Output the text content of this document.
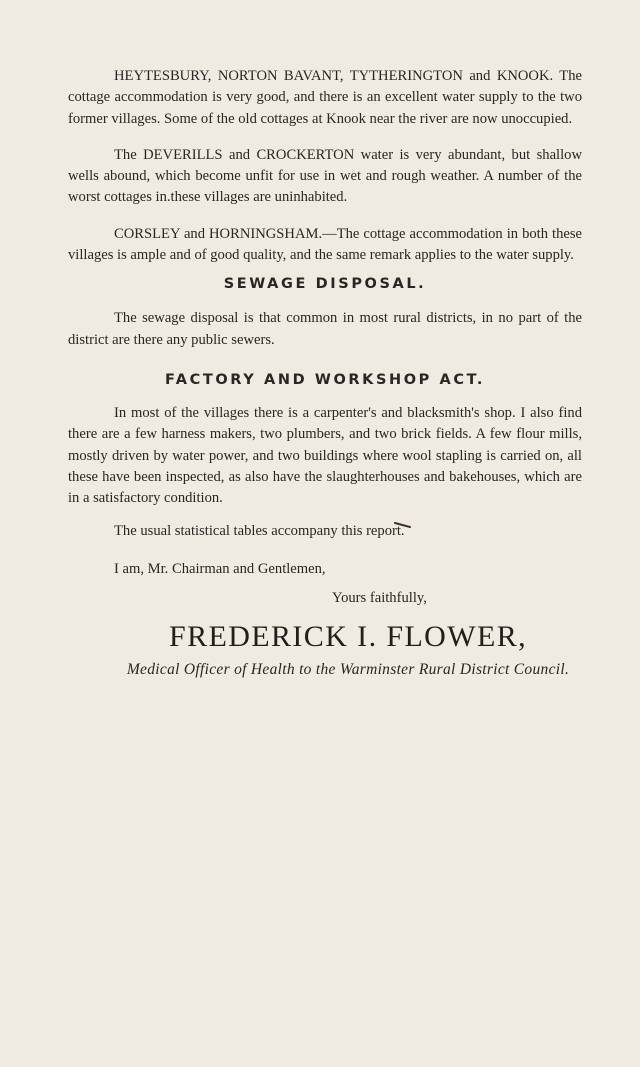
HEYTESBURY, NORTON BAVANT, TYTHERINGTON and KNOOK. The cottage accommodation is very good, and there is an excellent water supply to the two former villages. Some of the old cottages at Knook near the river are now unoccupied.

The DEVERILLS and CROCKERTON water is very abundant, but shallow wells abound, which become unfit for use in wet and rough weather. A number of the worst cottages in.these villages are uninhabited.

CORSLEY and HORNINGSHAM.—The cottage accommodation in both these villages is ample and of good quality, and the same remark applies to the water supply.

SEWAGE DISPOSAL.

The sewage disposal is that common in most rural districts, in no part of the district are there any public sewers.

FACTORY AND WORKSHOP ACT.

In most of the villages there is a carpenter's and blacksmith's shop. I also find there are a few harness makers, two plumbers, and two brick fields. A few flour mills, mostly driven by water power, and two buildings where wool stapling is carried on, all these have been inspected, as also have the slaughterhouses and bakehouses, which are in a satisfactory condition.

The usual statistical tables accompany this report.

I am, Mr. Chairman and Gentlemen,

Yours faithfully,

FREDERICK I. FLOWER,

Medical Officer of Health to the Warminster Rural District Council.
